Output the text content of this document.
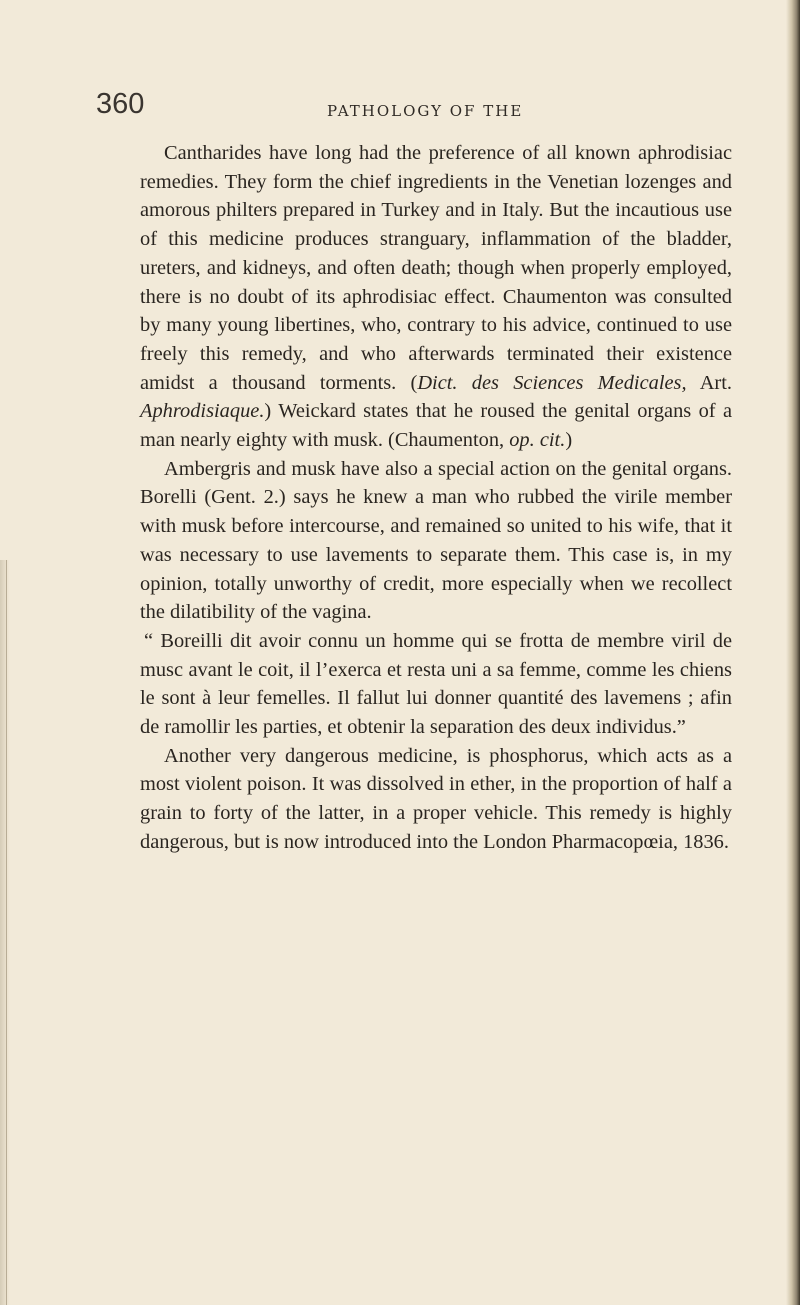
360	PATHOLOGY OF THE

Cantharides have long had the preference of all known aphrodisiac remedies. They form the chief ingredients in the Venetian lozenges and amorous philters prepared in Turkey and in Italy. But the incautious use of this medicine produces stranguary, inflammation of the bladder, ureters, and kidneys, and often death; though when properly employed, there is no doubt of its aphrodisiac effect. Chaumenton was consulted by many young libertines, who, contrary to his advice, continued to use freely this remedy, and who afterwards terminated their existence amidst a thousand torments. (Dict. des Sciences Medicales, Art. Aphrodisiaque.) Weickard states that he roused the genital organs of a man nearly eighty with musk. (Chaumenton, op. cit.)

Ambergris and musk have also a special action on the genital organs. Borelli (Gent. 2.) says he knew a man who rubbed the virile member with musk before intercourse, and remained so united to his wife, that it was necessary to use lavements to separate them. This case is, in my opinion, totally unworthy of credit, more especially when we recollect the dilatibility of the vagina.

“ Boreilli dit avoir connu un homme qui se frotta de membre viril de musc avant le coit, il l’exerca et resta uni a sa femme, comme les chiens le sont à leur femelles. Il fallut lui donner quantité des lavemens ; afin de ramollir les parties, et obtenir la separation des deux individus.”

Another very dangerous medicine, is phosphorus, which acts as a most violent poison. It was dissolved in ether, in the proportion of half a grain to forty of the latter, in a proper vehicle. This remedy is highly dangerous, but is now introduced into the London Pharmacopœia, 1836.
